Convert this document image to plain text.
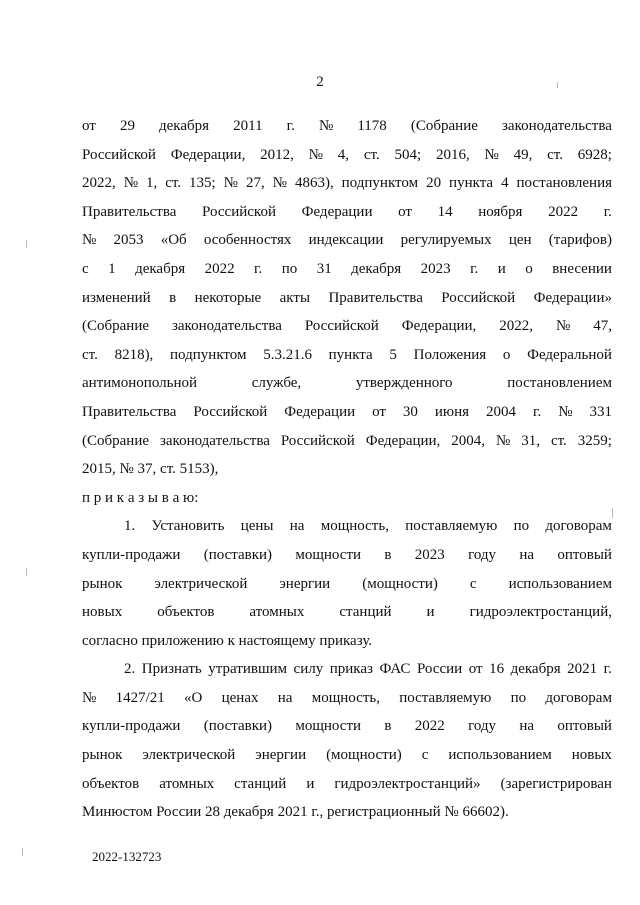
2
от 29 декабря 2011 г. № 1178 (Собрание законодательства
Российской Федерации, 2012, № 4, ст. 504; 2016, № 49, ст. 6928;
2022, № 1, ст. 135; № 27, № 4863), подпунктом 20 пункта 4 постановления
Правительства Российской Федерации от 14 ноября 2022 г.
№ 2053 «Об особенностях индексации регулируемых цен (тарифов)
с 1 декабря 2022 г. по 31 декабря 2023 г. и о внесении
изменений в некоторые акты Правительства Российской Федерации»
(Собрание законодательства Российской Федерации, 2022, № 47,
ст. 8218), подпунктом 5.3.21.6 пункта 5 Положения о Федеральной
антимонопольной	службе,	утвержденного	постановлением
Правительства Российской Федерации от 30 июня 2004 г. № 331
(Собрание законодательства Российской Федерации, 2004, № 31, ст. 3259;
2015, № 37, ст. 5153),
п р и к а з ы в а ю:
1. Установить цены на мощность, поставляемую по договорам
купли-продажи (поставки) мощности в 2023 году на оптовый
рынок электрической энергии (мощности) с использованием
новых объектов атомных станций и гидроэлектростанций,
согласно приложению к настоящему приказу.
2. Признать утратившим силу приказ ФАС России от 16 декабря 2021 г.
№ 1427/21 «О ценах на мощность, поставляемую по договорам
купли-продажи (поставки) мощности в 2022 году на оптовый
рынок электрической энергии (мощности) с использованием новых
объектов атомных станций и гидроэлектростанций» (зарегистрирован
Минюстом России 28 декабря 2021 г., регистрационный № 66602).
2022-132723
